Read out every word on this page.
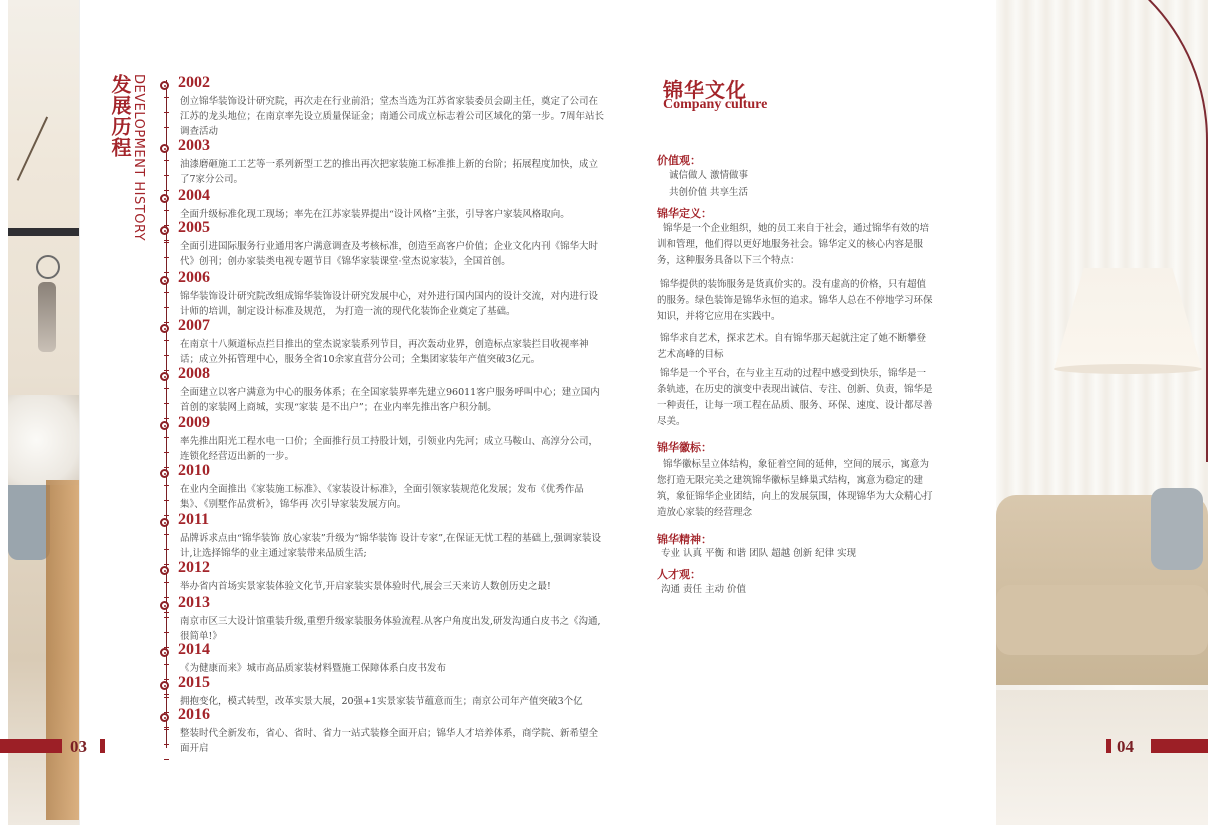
发展历程 DEVELOPMENT HISTORY 2002
创立锦华装饰设计研究院，再次走在行业前沿；堂杰当选为江苏省家装委员会副主任，奠定了公司在江苏的龙头地位；在南京率先设立质量保证金；南通公司成立标志着公司区域化的第一步。7周年站长调查活动
2003
油漆磨砸施工工艺等一系列新型工艺的推出再次把家装施工标准推上新的台阶；拓展程度加快，成立了7家分公司。
2004
全面升级标准化现工现场；率先在江苏家装界提出“设计风格”主张，引导客户家装风格取向。
2005
全面引进国际服务行业通用客户满意调查及考核标准，创造至高客户价值；企业文化内刊《锦华大时代》创刊；创办家装类电视专题节目《锦华家装课堂·堂杰说家装》，全国首创。
2006
锦华装饰设计研究院改组成锦华装饰设计研究发展中心，对外进行国内国内的设计交流，对内进行设计师的培训，制定设计标准及规范， 为打造一流的现代化装饰企业奠定了基础。
2007
在南京十八频道标点拦目推出的堂杰说家装系列节目，再次轰动业界，创造标点家装拦目收视率神话；成立外拓管理中心，服务全省10余家直营分公司；全集团家装年产值突破3亿元。
2008
全面建立以客户满意为中心的服务体系；在全国家装界率先建立96011客户服务呼叫中心；建立国内首创的家装网上商城，实现“家装 是不出户”；在业内率先推出客户积分制。
2009
率先推出阳光工程水电一口价；全面推行员工持股计划，引领业内先河；成立马鞍山、高淳分公司，连锁化经营迈出新的一步。
2010
在业内全面推出《家装施工标准》、《家装设计标准》，全面引领家装规范化发展；发布《优秀作品集》、《别墅作品赏析》，锦华再 次引导家装发展方向。
2011
品牌诉求点由“锦华装饰 放心家装”升级为“锦华装饰 设计专家”,在保证无忧工程的基础上,强调家装设计,让选择锦华的业主通过家装带来品质生活;
2012
举办省内首场实景家装体验文化节,开启家装实景体验时代,展会三天来访人数创历史之最!
2013
南京市区三大设计馆重装升级,重塑升级家装服务体验流程.从客户角度出发,研发沟通白皮书之《沟通,很简单!》
2014
《为健康而来》城市高品质家装材料暨施工保障体系白皮书发布
2015
拥抱变化，模式转型，改革实景大展，20强+1实景家装节蕴意而生；南京公司年产值突破3个亿
2016
整装时代全新发布，省心、省时、省力一站式装修全面开启；锦华人才培养体系，商学院、新希望全面开启
03
锦华文化
Company culture
价值观：
诚信做人 激情做事
共创价值 共享生活
锦华定义：
锦华是一个企业组织，她的员工来自于社会，通过锦华有效的培训和管理，他们得以更好地服务社会。锦华定义的核心内容是服务，这种服务具备以下三个特点：
锦华提供的装饰服务是货真价实的。没有虚高的价格，只有超值的服务。绿色装饰是锦华永恒的追求。锦华人总在不停地学习环保知识，并将它应用在实践中。
锦华求自艺术，探求艺术。自有锦华那天起就注定了她不断攀登艺术高峰的目标
锦华是一个平台，在与业主互动的过程中感受到快乐，锦华是一条轨迹，在历史的演变中表现出诚信、专注、创新、负责，锦华是一种责任，让每一项工程在品质、服务、环保、速度、设计都尽善尽美。
锦华徽标：
锦华徽标呈立体结构，象征着空间的延伸，空间的展示，寓意为您打造无限完美之建筑锦华徽标呈蜂巢式结构，寓意为稳定的建筑，象征锦华企业团结，向上的发展氛围，体现锦华为大众精心打造放心家装的经营理念
锦华精神：
专业 认真 平衡 和谐 团队 超越 创新 纪律 实现
人才观：
沟通 责任 主动 价值
04
